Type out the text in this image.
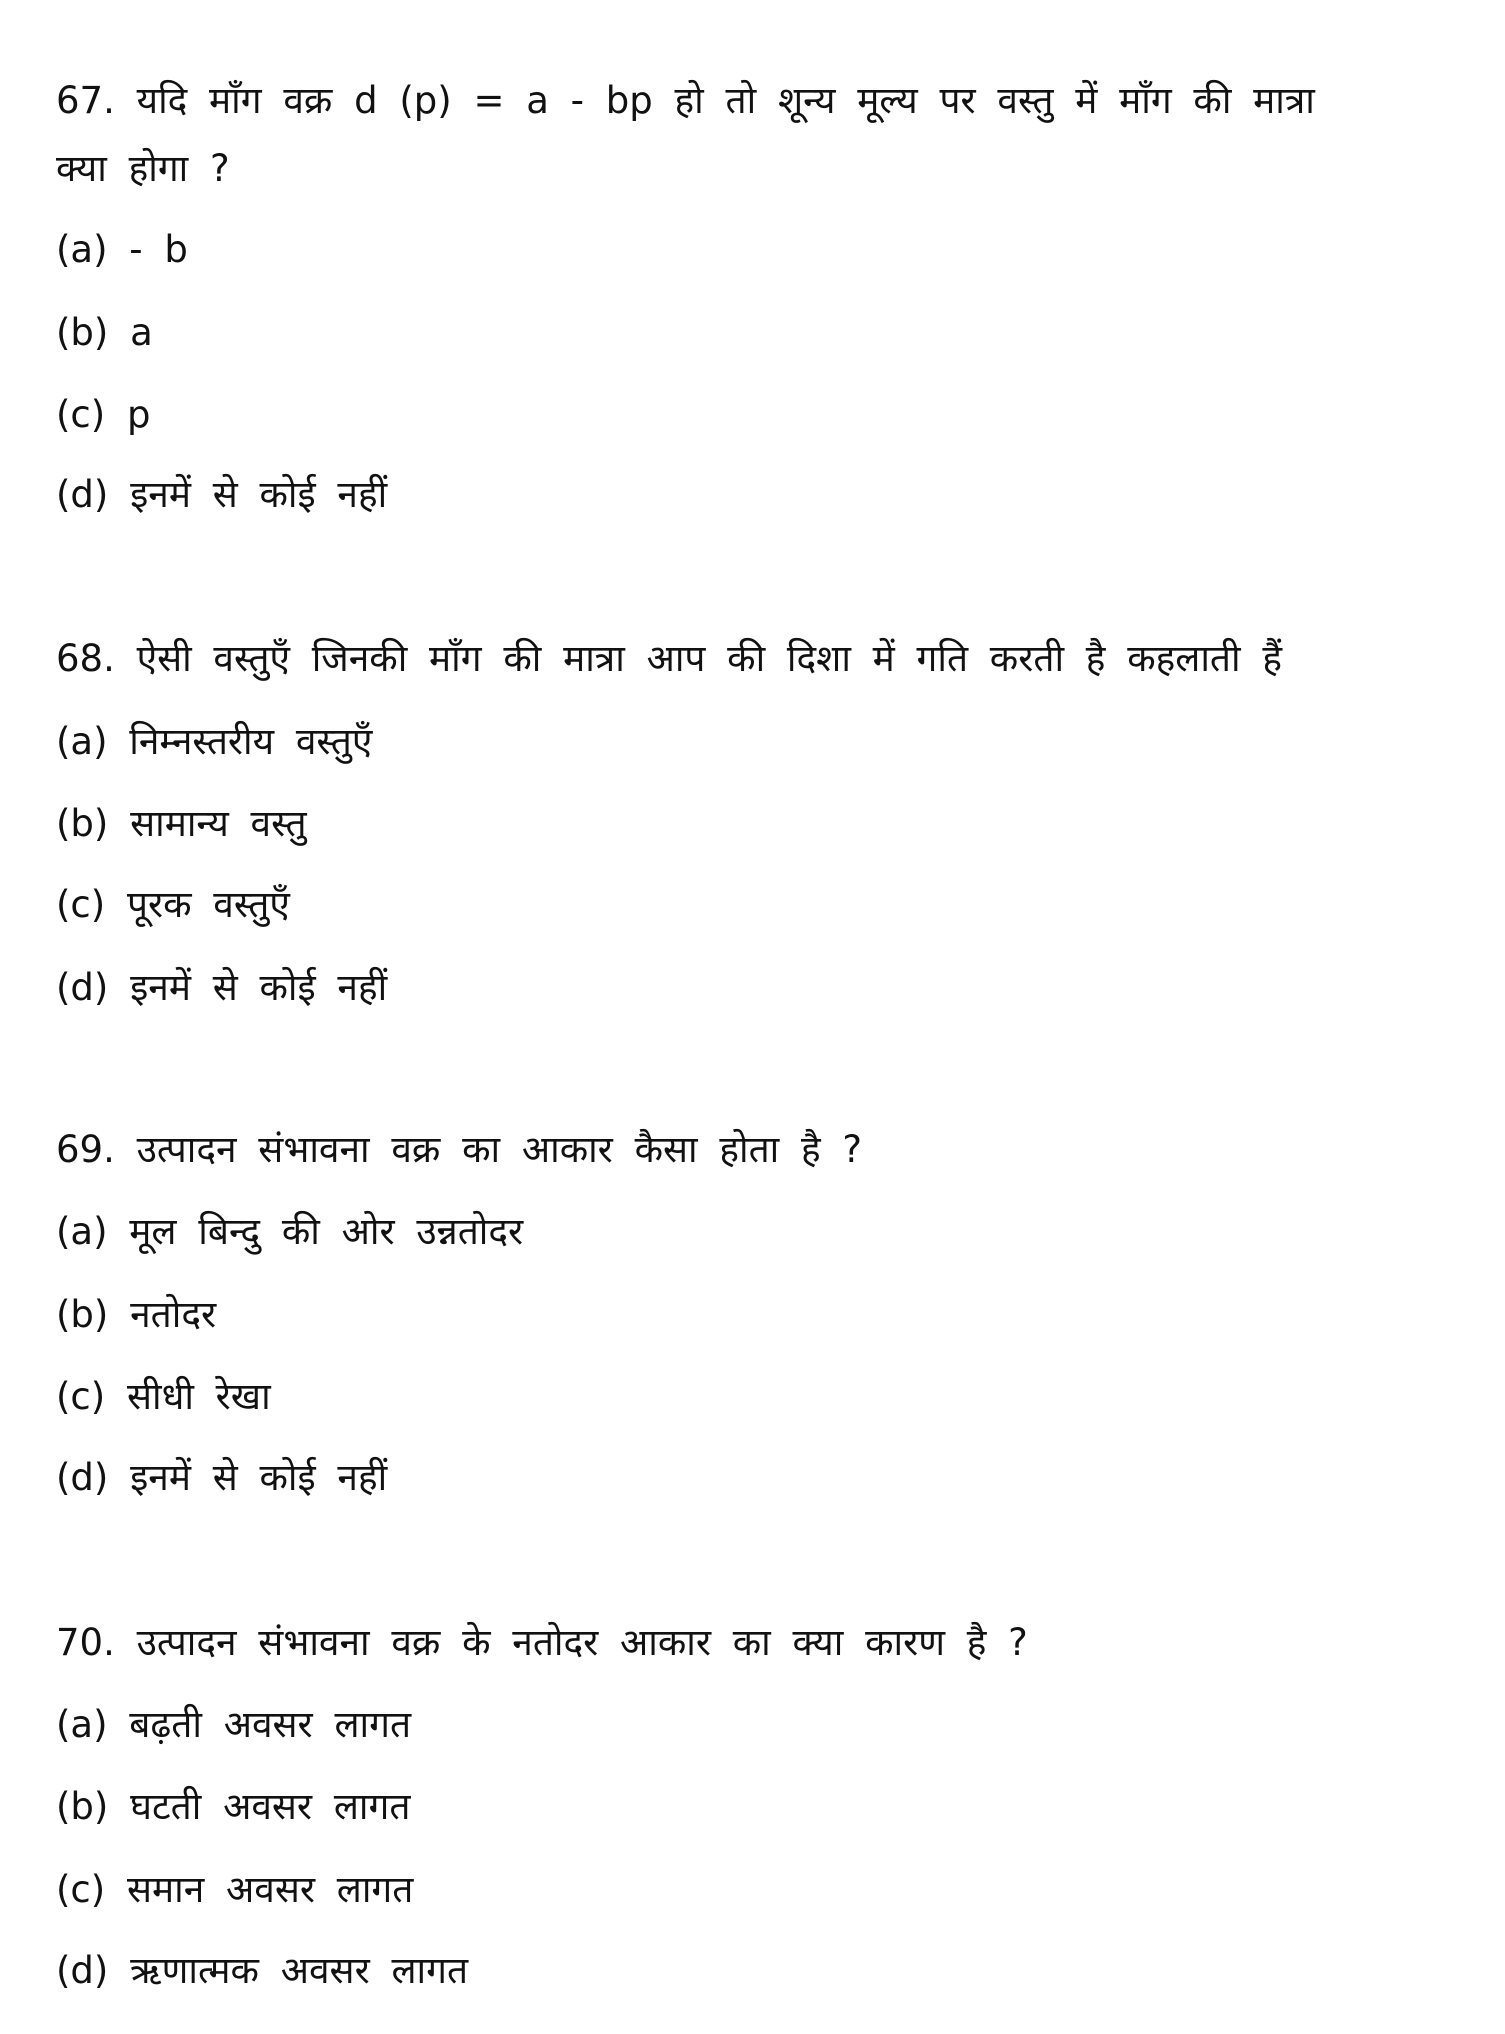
67. यदि माँग वक्र d (p) = a - bp हो तो शून्य मूल्य पर वस्तु में माँग की मात्रा
क्या होगा ?
(a) - b
(b) a
(c) p
(d) इनमें से कोई नहीं
68. ऐसी वस्तुएँ जिनकी माँग की मात्रा आप की दिशा में गति करती है कहलाती हैं
(a) निम्नस्तरीय वस्तुएँ
(b) सामान्य वस्तु
(c) पूरक वस्तुएँ
(d) इनमें से कोई नहीं
69. उत्पादन संभावना वक्र का आकार कैसा होता है ?
(a) मूल बिन्दु की ओर उन्नतोदर
(b) नतोदर
(c) सीधी रेखा
(d) इनमें से कोई नहीं
70. उत्पादन संभावना वक्र के नतोदर आकार का क्या कारण है ?
(a) बढ़ती अवसर लागत
(b) घटती अवसर लागत
(c) समान अवसर लागत
(d) ऋणात्मक अवसर लागत
